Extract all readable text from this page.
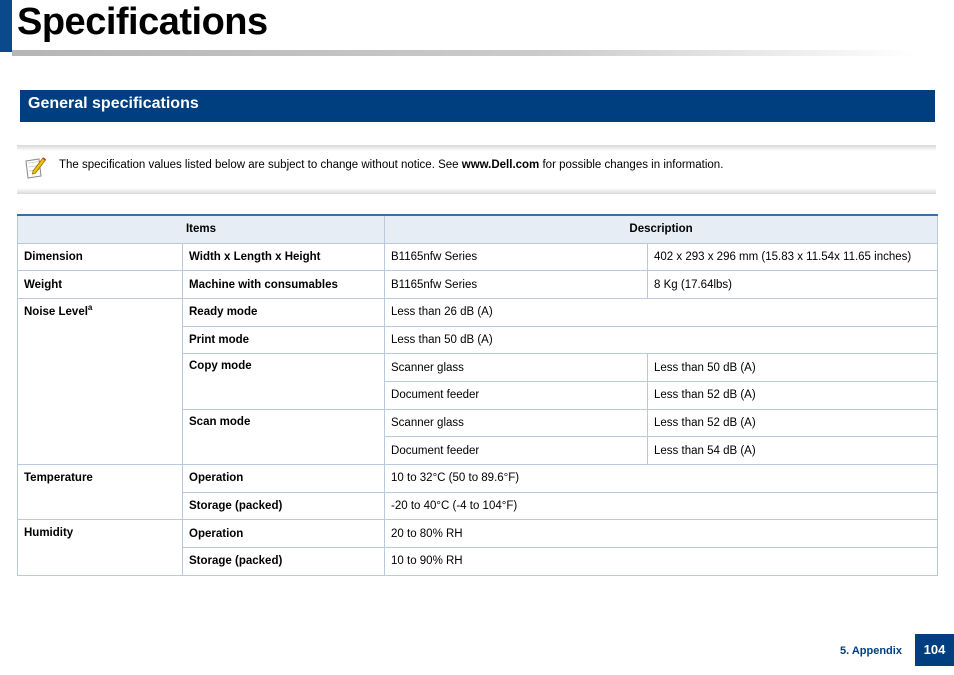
Specifications
General specifications
The specification values listed below are subject to change without notice. See www.Dell.com for possible changes in information.
Items		Description	
Dimension	Width x Length x Height	B1165nfw Series	402 x 293 x 296 mm (15.83 x 11.54x 11.65 inches)
Weight	Machine with consumables	B1165nfw Series	8 Kg (17.64lbs)
Noise Level$^a$	Ready mode	Less than 26 dB (A)	
	Print mode	Less than 50 dB (A)	
	Copy mode	Scanner glass	Less than 50 dB (A)
		Document feeder	Less than 52 dB (A)
	Scan mode	Scanner glass	Less than 52 dB (A)
		Document feeder	Less than 54 dB (A)
Temperature	Operation	10 to 32°C (50 to 89.6°F)	
	Storage (packed)	-20 to 40°C (-4 to 104°F)	
Humidity	Operation	20 to 80% RH	
	Storage (packed)	10 to 90% RH	
5. Appendix	104
